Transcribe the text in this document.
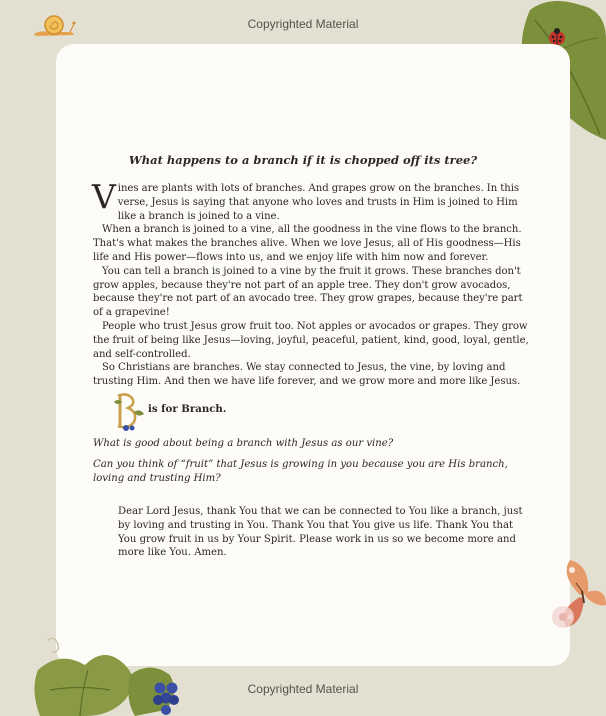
Copyrighted Material
What happens to a branch if it is chopped off its tree?

Vines are plants with lots of branches. And grapes grow on the branches. In this verse, Jesus is saying that anyone who loves and trusts in Him is joined to Him like a branch is joined to a vine.

When a branch is joined to a vine, all the goodness in the vine flows to the branch. That's what makes the branches alive. When we love Jesus, all of His goodness—His life and His power—flows into us, and we enjoy life with him now and forever.

You can tell a branch is joined to a vine by the fruit it grows. These branches don't grow apples, because they're not part of an apple tree. They don't grow avocados, because they're not part of an avocado tree. They grow grapes, because they're part of a grapevine!

People who trust Jesus grow fruit too. Not apples or avocados or grapes. They grow the fruit of being like Jesus—loving, joyful, peaceful, patient, kind, good, loyal, gentle, and self-controlled.

So Christians are branches. We stay connected to Jesus, the vine, by loving and trusting Him. And then we have life forever, and we grow more and more like Jesus.

is for Branch.
What is good about being a branch with Jesus as our vine?
Can you think of “fruit” that Jesus is growing in you because you are His branch, loving and trusting Him?
Dear Lord Jesus, thank You that we can be connected to You like a branch, just by loving and trusting in You. Thank You that You give us life. Thank You that You grow fruit in us by Your Spirit. Please work in us so we become more and more like You. Amen.
Copyrighted Material
